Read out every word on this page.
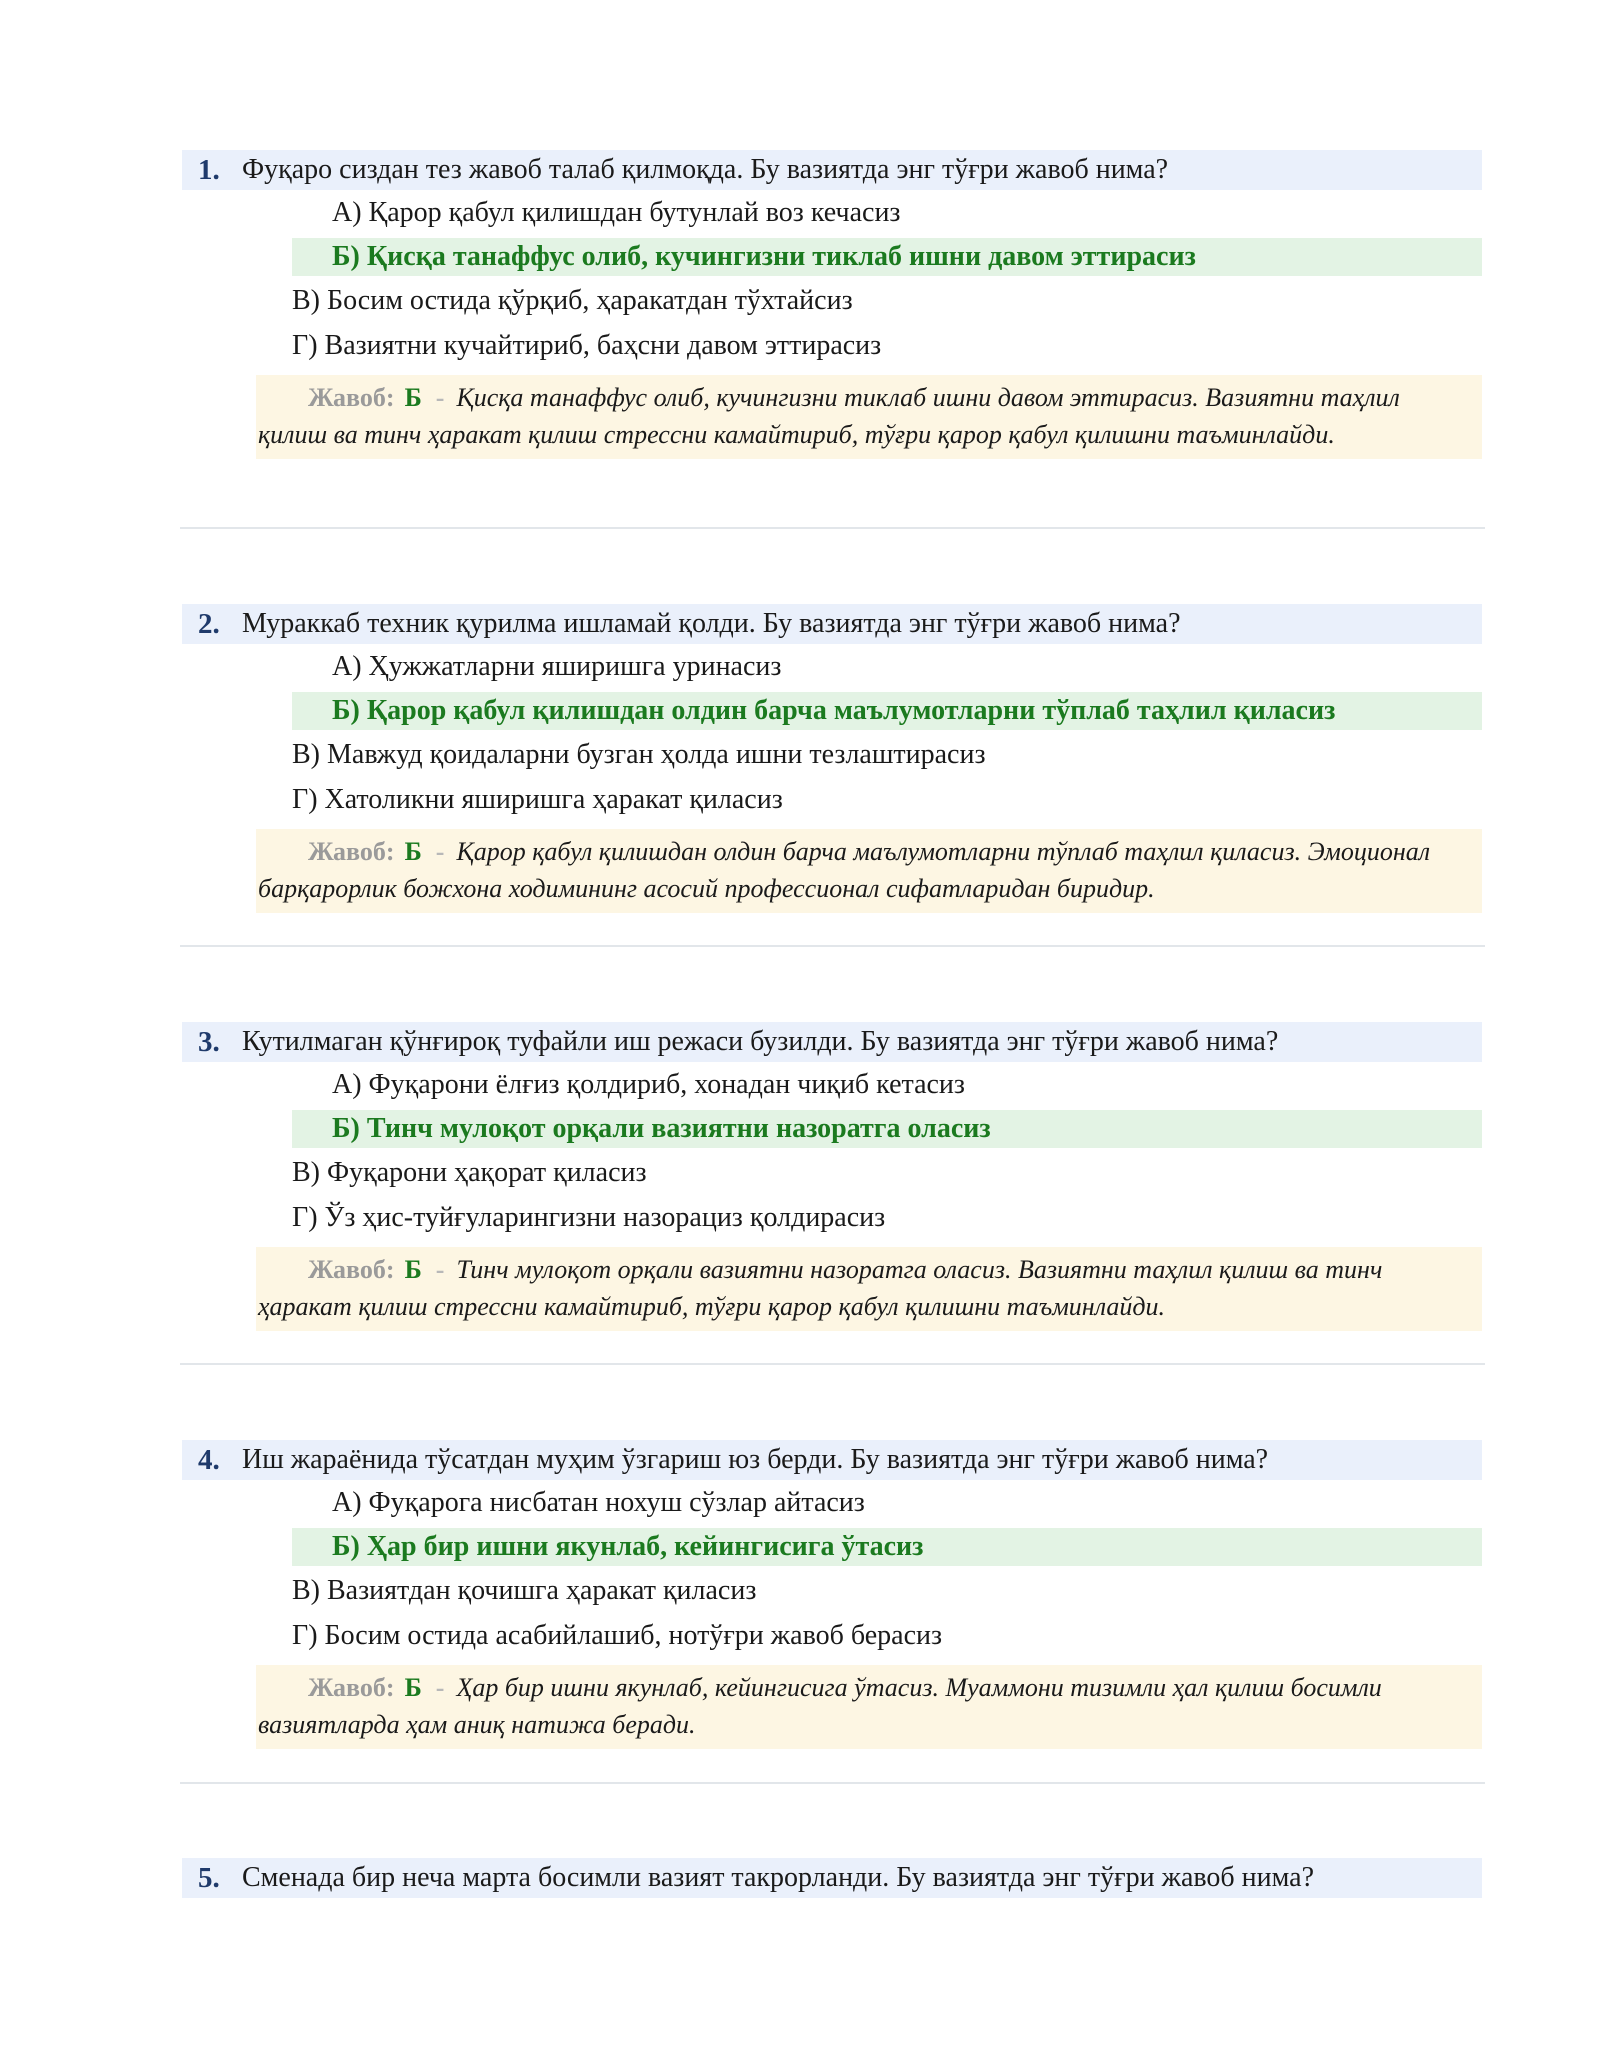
1. Фуқаро сиздан тез жавоб талаб қилмоқда. Бу вазиятда энг тўғри жавоб нима?
А) Қарор қабул қилишдан бутунлай воз кечасиз
Б) Қисқа танаффус олиб, кучингизни тиклаб ишни давом эттирасиз
В) Босим остида қўрқиб, ҳаракатдан тўхтайсиз
Г) Вазиятни кучайтириб, баҳсни давом эттирасиз
Жавоб: Б - Қисқа танаффус олиб, кучингизни тиклаб ишни давом эттирасиз. Вазиятни таҳлил қилиш ва тинч ҳаракат қилиш стрессни камайтириб, тўғри қарор қабул қилишни таъминлайди.
2. Мураккаб техник қурилма ишламай қолди. Бу вазиятда энг тўғри жавоб нима?
А) Ҳужжатларни яширишга уринасиз
Б) Қарор қабул қилишдан олдин барча маълумотларни тўплаб таҳлил қиласиз
В) Мавжуд қоидаларни бузган ҳолда ишни тезлаштирасиз
Г) Хатоликни яширишга ҳаракат қиласиз
Жавоб: Б - Қарор қабул қилишдан олдин барча маълумотларни тўплаб таҳлил қиласиз. Эмоционал барқарорлик божхона ходимининг асосий профессионал сифатларидан биридир.
3. Кутилмаган қўнғироқ туфайли иш режаси бузилди. Бу вазиятда энг тўғри жавоб нима?
А) Фуқарони ёлғиз қолдириб, хонадан чиқиб кетасиз
Б) Тинч мулоқот орқали вазиятни назоратга оласиз
В) Фуқарони ҳақорат қиласиз
Г) Ўз ҳис-туйғуларингизни назорациз қолдирасиз
Жавоб: Б - Тинч мулоқот орқали вазиятни назоратга оласиз. Вазиятни таҳлил қилиш ва тинч ҳаракат қилиш стрессни камайтириб, тўғри қарор қабул қилишни таъминлайди.
4. Иш жараёнида тўсатдан муҳим ўзгариш юз берди. Бу вазиятда энг тўғри жавоб нима?
А) Фуқарога нисбатан нохуш сўзлар айтасиз
Б) Ҳар бир ишни якунлаб, кейингисига ўтасиз
В) Вазиятдан қочишга ҳаракат қиласиз
Г) Босим остида асабийлашиб, нотўғри жавоб берасиз
Жавоб: Б - Ҳар бир ишни якунлаб, кейингисига ўтасиз. Муаммони тизимли ҳал қилиш босимли вазиятларда ҳам аниқ натижа беради.
5. Сменада бир неча марта босимли вазият такрорланди. Бу вазиятда энг тўғри жавоб нима?
